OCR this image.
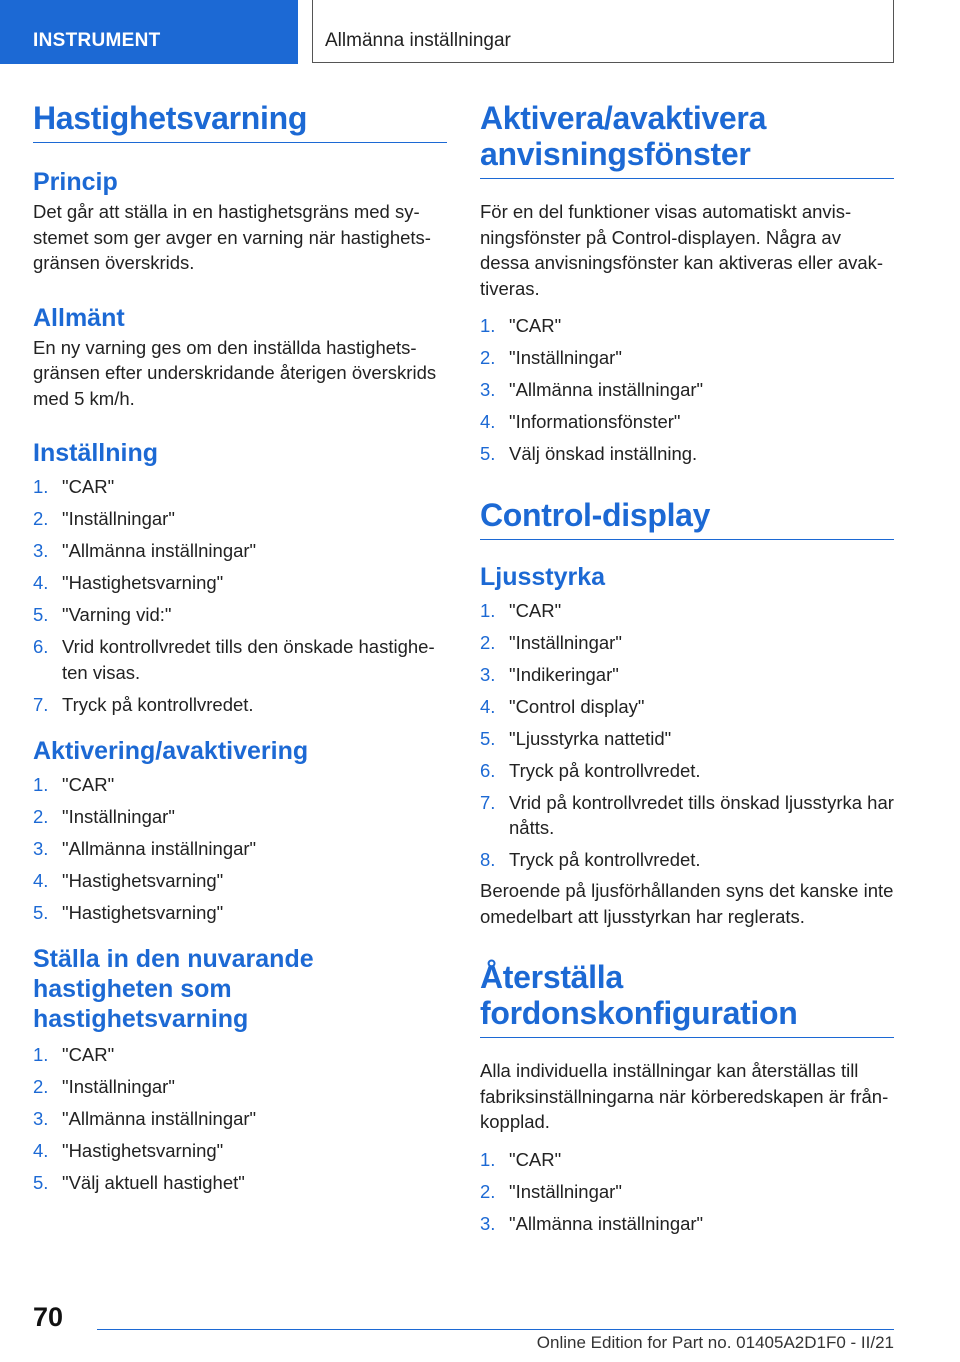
INSTRUMENT	Allmänna inställningar
Hastighetsvarning
Princip

Det går att ställa in en hastighetsgräns med sy-stemet som ger avger en varning när hastighets-gränsen överskrids.

Allmänt

En ny varning ges om den inställda hastighets-gränsen efter underskridande återigen överskrids med 5 km/h.

Inställning
1. "CAR"
2. "Inställningar"
3. "Allmänna inställningar"
4. "Hastighetsvarning"
5. "Varning vid:"
6. Vrid kontrollvredet tills den önskade hastighe-ten visas.
7. Tryck på kontrollvredet.
Aktivering/avaktivering
1. "CAR"
2. "Inställningar"
3. "Allmänna inställningar"
4. "Hastighetsvarning"
5. "Hastighetsvarning"
Ställa in den nuvarande hastigheten som hastighetsvarning
1. "CAR"
2. "Inställningar"
3. "Allmänna inställningar"
4. "Hastighetsvarning"
5. "Välj aktuell hastighet"
Aktivera/avaktivera anvisningsfönster

För en del funktioner visas automatiskt anvis-ningsfönster på Control-displayen. Några av dessa anvisningsfönster kan aktiveras eller avak-tiveras.

1. "CAR"
2. "Inställningar"
3. "Allmänna inställningar"
4. "Informationsfönster"
5. Välj önskad inställning.
Control-display
Ljusstyrka
1. "CAR"
2. "Inställningar"
3. "Indikeringar"
4. "Control display"
5. "Ljusstyrka nattetid"
6. Tryck på kontrollvredet.
7. Vrid på kontrollvredet tills önskad ljusstyrka har nåtts.
8. Tryck på kontrollvredet.

Beroende på ljusförhållanden syns det kanske inte omedelbart att ljusstyrkan har reglerats.

Återställa fordonskonfiguration

Alla individuella inställningar kan återställas till fabriksinställningarna när körberedskapen är från-kopplad.

1. "CAR"
2. "Inställningar"
3. "Allmänna inställningar"
70
Online Edition for Part no. 01405A2D1F0 - II/21
